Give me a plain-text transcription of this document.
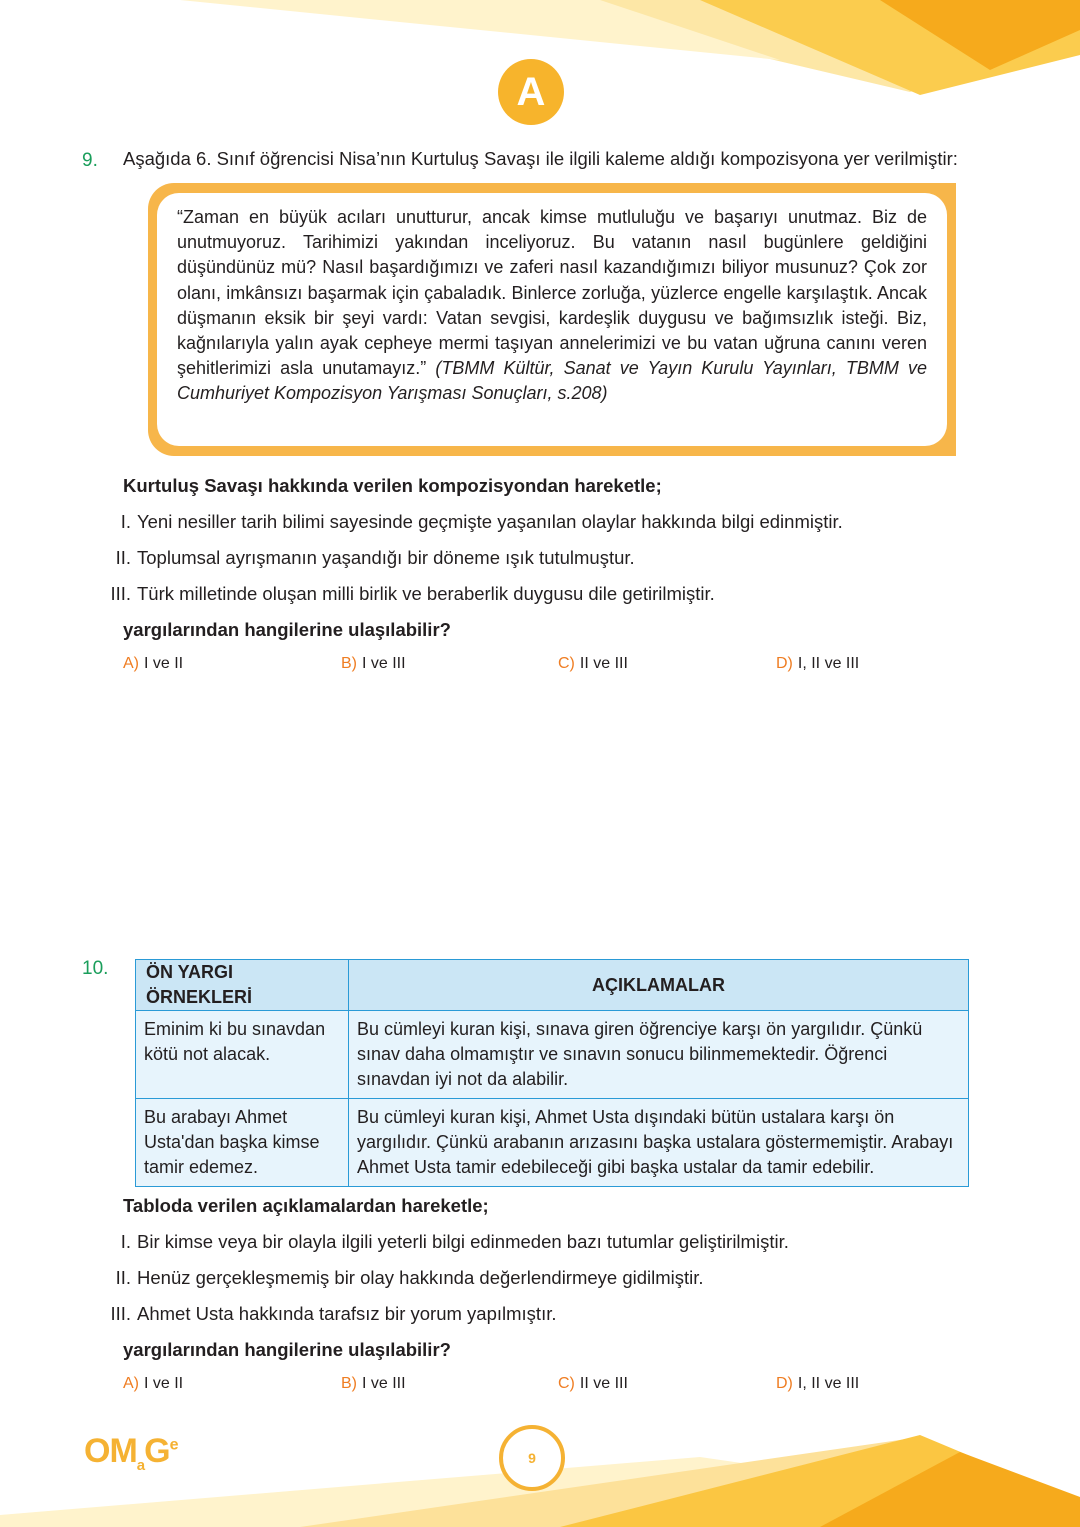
A
9. Aşağıda 6. Sınıf öğrencisi Nisa’nın Kurtuluş Savaşı ile ilgili kaleme aldığı kompozisyona yer verilmiştir:
“Zaman en büyük acıları unutturur, ancak kimse mutluluğu ve başarıyı unutmaz. Biz de unutmuyoruz. Tarihimizi yakından inceliyoruz. Bu vatanın nasıl bugünlere geldiğini düşündünüz mü? Nasıl başardığımızı ve zaferi nasıl kazandığımızı biliyor musunuz? Çok zor olanı, imkânsızı başarmak için çabaladık. Binlerce zorluğa, yüzlerce engelle karşılaştık. Ancak düşmanın eksik bir şeyi vardı: Vatan sevgisi, kardeşlik duygusu ve bağımsızlık isteği. Biz, kağnılarıyla yalın ayak cepheye mermi taşıyan annelerimizi ve bu vatan uğruna canını veren şehitlerimizi asla unutamayız.” (TBMM Kültür, Sanat ve Yayın Kurulu Yayınları, TBMM ve Cumhuriyet Kompozisyon Yarışması Sonuçları, s.208)
Kurtuluş Savaşı hakkında verilen kompozisyondan hareketle;
I. Yeni nesiller tarih bilimi sayesinde geçmişte yaşanılan olaylar hakkında bilgi edinmiştir.
II. Toplumsal ayrışmanın yaşandığı bir döneme ışık tutulmuştur.
III. Türk milletinde oluşan milli birlik ve beraberlik duygusu dile getirilmiştir.
yargılarından hangilerine ulaşılabilir?
A) I ve II	B) I ve III	C) II ve III	D) I, II ve III
10. ÖN YARGI ÖRNEKLERİ	AÇIKLAMALAR
Eminim ki bu sınavdan kötü not alacak.	Bu cümleyi kuran kişi, sınava giren öğrenciye karşı ön yargılıdır. Çünkü sınav daha olmamıştır ve sınavın sonucu bilinmemektedir. Öğrenci sınavdan iyi not da alabilir.
Bu arabayı Ahmet Usta'dan başka kimse tamir edemez.	Bu cümleyi kuran kişi, Ahmet Usta dışındaki bütün ustalara karşı ön yargılıdır. Çünkü arabanın arızasını başka ustalara göstermemiştir. Arabayı Ahmet Usta tamir edebileceği gibi başka ustalar da tamir edebilir.
Tabloda verilen açıklamalardan hareketle;
I. Bir kimse veya bir olayla ilgili yeterli bilgi edinmeden bazı tutumlar geliştirilmiştir.
II. Henüz gerçekleşmemiş bir olay hakkında değerlendirmeye gidilmiştir.
III. Ahmet Usta hakkında tarafsız bir yorum yapılmıştır.
yargılarından hangilerine ulaşılabilir?
A) I ve II	B) I ve III	C) II ve III	D) I, II ve III
$OM_aG^e$
9
